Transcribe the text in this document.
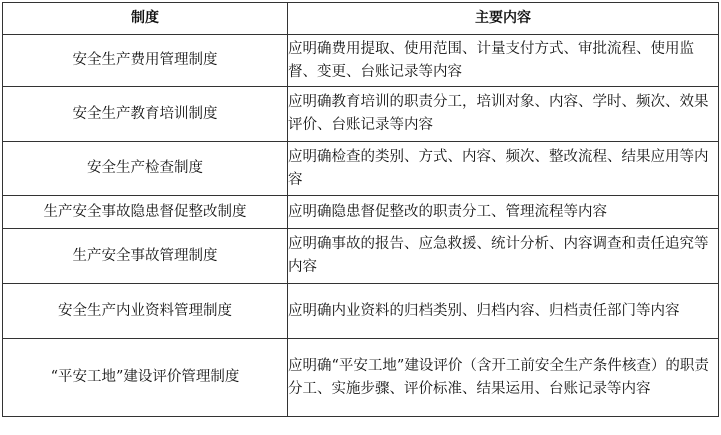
制度	主要内容
安全生产费用管理制度	应明确费用提取、使用范围、计量支付方式、审批流程、使用监督、变更、台账记录等内容
安全生产教育培训制度	应明确教育培训的职责分工，培训对象、内容、学时、频次、效果评价、台账记录等内容
安全生产检查制度	应明确检查的类别、方式、内容、频次、整改流程、结果应用等内容
生产安全事故隐患督促整改制度	应明确隐患督促整改的职责分工、管理流程等内容
生产安全事故管理制度	应明确事故的报告、应急救援、统计分析、内容调查和责任追究等内容
安全生产内业资料管理制度	应明确内业资料的归档类别、归档内容、归档责任部门等内容
“平安工地”建设评价管理制度	应明确“平安工地”建设评价（含开工前安全生产条件核查）的职责分工、实施步骤、评价标准、结果运用、台账记录等内容
